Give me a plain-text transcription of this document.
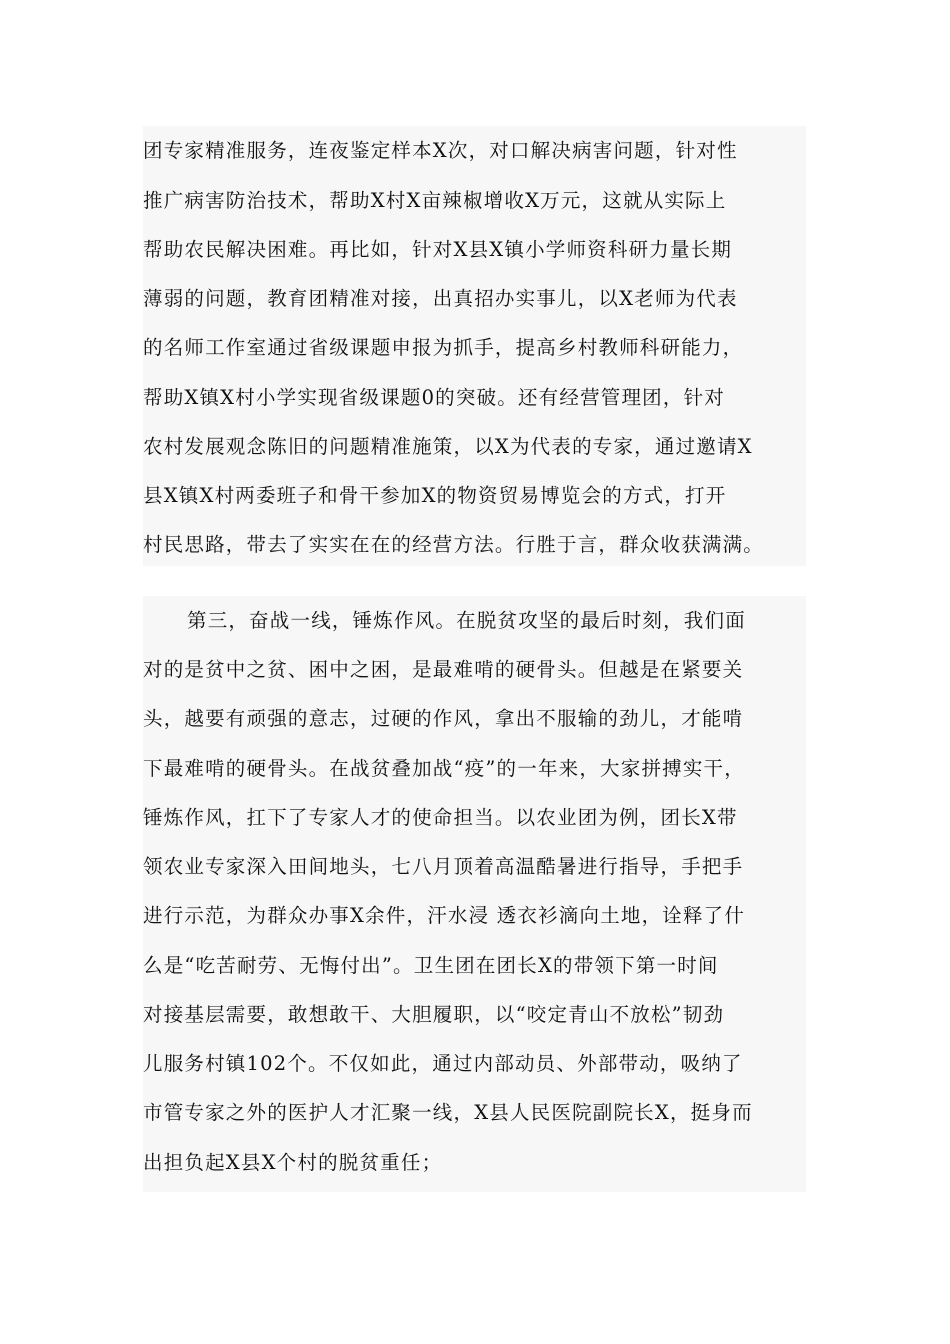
团专家精准服务，连夜鉴定样本X次，对口解决病害问题，针对性
推广病害防治技术，帮助X村X亩辣椒增收X万元，这就从实际上
帮助农民解决困难。再比如，针对X县X镇小学师资科研力量长期
薄弱的问题，教育团精准对接，出真招办实事儿，以X老师为代表
的名师工作室通过省级课题申报为抓手，提高乡村教师科研能力，
帮助X镇X村小学实现省级课题0的突破。还有经营管理团，针对
农村发展观念陈旧的问题精准施策，以X为代表的专家，通过邀请X
县X镇X村两委班子和骨干参加X的物资贸易博览会的方式，打开
村民思路，带去了实实在在的经营方法。行胜于言，群众收获满满。
第三，奋战一线，锤炼作风。在脱贫攻坚的最后时刻，我们面
对的是贫中之贫、困中之困，是最难啃的硬骨头。但越是在紧要关
头，越要有顽强的意志，过硬的作风，拿出不服输的劲儿，才能啃
下最难啃的硬骨头。在战贫叠加战“疫”的一年来，大家拼搏实干，
锤炼作风，扛下了专家人才的使命担当。以农业团为例，团长X带
领农业专家深入田间地头，七八月顶着高温酷暑进行指导，手把手
进行示范，为群众办事X余件，汗水浸 透衣衫滴向土地，诠释了什
么是“吃苦耐劳、无悔付出”。卫生团在团长X的带领下第一时间
对接基层需要，敢想敢干、大胆履职，以“咬定青山不放松”韧劲
儿服务村镇102个。不仅如此，通过内部动员、外部带动，吸纳了
市管专家之外的医护人才汇聚一线，X县人民医院副院长X，挺身而
出担负起X县X个村的脱贫重任；
